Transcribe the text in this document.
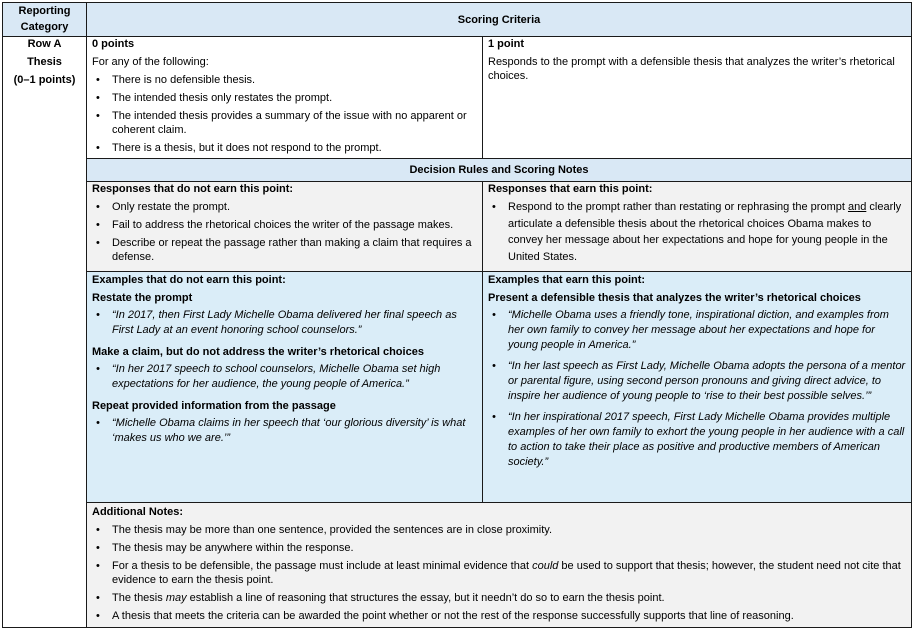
Reporting Category
Scoring Criteria
Row A
Thesis
(0–1 points)
0 points
For any of the following:
•
There is no defensible thesis.
•
The intended thesis only restates the prompt.
•
The intended thesis provides a summary of the issue with no apparent or coherent claim.
•
There is a thesis, but it does not respond to the prompt.
1 point
Responds to the prompt with a defensible thesis that analyzes the writer’s rhetorical choices.
Decision Rules and Scoring Notes
Responses that do not earn this point:
•
Only restate the prompt.
•
Fail to address the rhetorical choices the writer of the passage makes.
•
Describe or repeat the passage rather than making a claim that requires a defense.
Responses that earn this point:
•
Respond to the prompt rather than restating or rephrasing the prompt and clearly articulate a defensible thesis about the rhetorical choices Obama makes to convey her message about her expectations and hope for young people in the United States.
Examples that do not earn this point:
Restate the prompt
•
“In 2017, then First Lady Michelle Obama delivered her final speech as First Lady at an event honoring school counselors.”
Make a claim, but do not address the writer’s rhetorical choices
•
“In her 2017 speech to school counselors, Michelle Obama set high expectations for her audience, the young people of America.”
Repeat provided information from the passage
•
“Michelle Obama claims in her speech that ‘our glorious diversity’ is what ‘makes us who we are.’”
Examples that earn this point:
Present a defensible thesis that analyzes the writer’s rhetorical choices
•
“Michelle Obama uses a friendly tone, inspirational diction, and examples from her own family to convey her message about her expectations and hope for young people in America.”
•
“In her last speech as First Lady, Michelle Obama adopts the persona of a mentor or parental figure, using second person pronouns and giving direct advice, to inspire her audience of young people to ‘rise to their best possible selves.’”
•
“In her inspirational 2017 speech, First Lady Michelle Obama provides multiple examples of her own family to exhort the young people in her audience with a call to action to take their place as positive and productive members of American society.”
Additional Notes:
•
The thesis may be more than one sentence, provided the sentences are in close proximity.
•
The thesis may be anywhere within the response.
•
For a thesis to be defensible, the passage must include at least minimal evidence that could be used to support that thesis; however, the student need not cite that evidence to earn the thesis point.
•
The thesis may establish a line of reasoning that structures the essay, but it needn’t do so to earn the thesis point.
•
A thesis that meets the criteria can be awarded the point whether or not the rest of the response successfully supports that line of reasoning.
